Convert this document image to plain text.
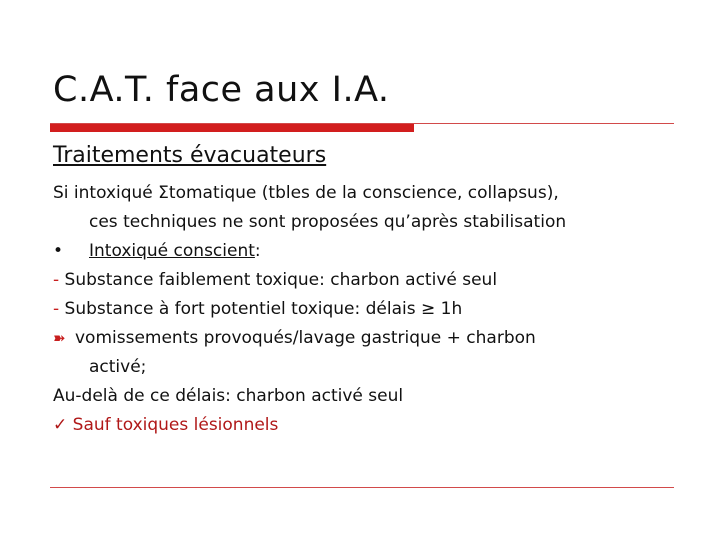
C.A.T. face aux I.A.
Traitements évacuateurs
Si intoxiqué Σtomatique (tbles de la conscience, collapsus),
ces techniques ne sont proposées qu’après stabilisation
• Intoxiqué conscient:
- Substance faiblement toxique: charbon activé seul
- Substance à fort potentiel toxique: délais ≥ 1h
➽ vomissements provoqués/lavage gastrique + charbon
activé;
Au-delà de ce délais: charbon activé seul
✓ Sauf toxiques lésionnels
